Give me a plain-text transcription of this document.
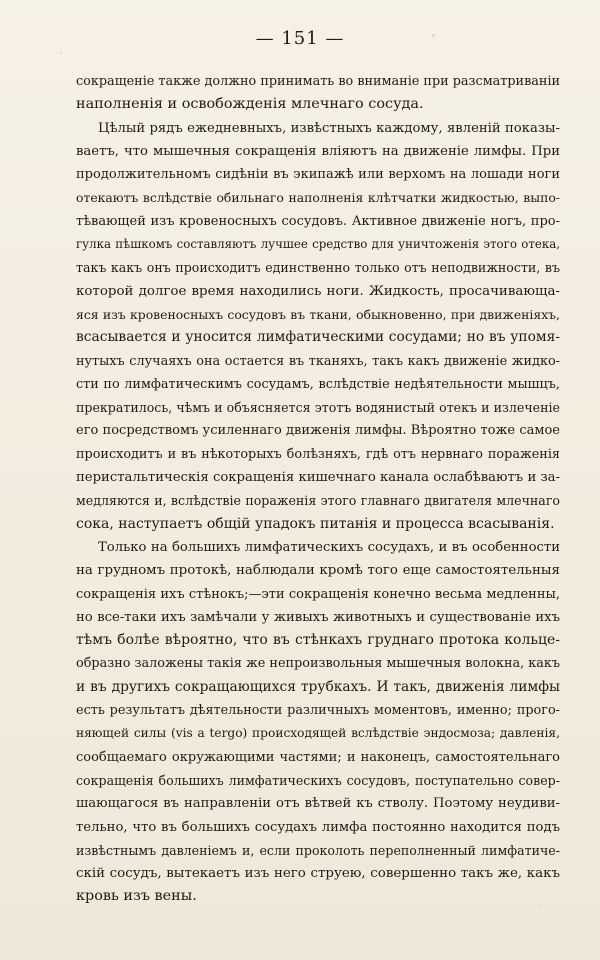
— 151 —
сокращеніе также должно принимать во вниманіе при разсматриваніи
наполненія и освобожденія млечнаго сосуда.
Цѣлый рядъ ежедневныхъ, извѣстныхъ каждому, явленій показы-
ваетъ, что мышечныя сокращенія вліяютъ на движеніе лимфы. При
продолжительномъ сидѣніи въ экипажѣ или верхомъ на лошади ноги
отекаютъ вслѣдствіе обильнаго наполненія клѣтчатки жидкостью, выпо-
тѣвающей изъ кровеносныхъ сосудовъ. Активное движеніе ногъ, про-
гулка пѣшкомъ составляютъ лучшее средство для уничтоженія этого отека,
такъ какъ онъ происходитъ единственно только отъ неподвижности, въ
которой долгое время находились ноги. Жидкость, просачивающа-
яся изъ кровеносныхъ сосудовъ въ ткани, обыкновенно, при движеніяхъ,
всасывается и уносится лимфатическими сосудами; но въ упомя-
нутыхъ случаяхъ она остается въ тканяхъ, такъ какъ движеніе жидко-
сти по лимфатическимъ сосудамъ, вслѣдствіе недѣятельности мышцъ,
прекратилось, чѣмъ и объясняется этотъ водянистый отекъ и излеченіе
его посредствомъ усиленнаго движенія лимфы. Вѣроятно тоже самое
происходитъ и въ нѣкоторыхъ болѣзняхъ, гдѣ отъ нервнаго пораженія
перистальтическія сокращенія кишечнаго канала ослабѣваютъ и за-
медляются и, вслѣдствіе пораженія этого главнаго двигателя млечнаго
сока, наступаетъ общій упадокъ питанія и процесса всасыванія.
Только на большихъ лимфатическихъ сосудахъ, и въ особенности
на грудномъ протокѣ, наблюдали кромѣ того еще самостоятельныя
сокращенія ихъ стѣнокъ;—эти сокращенія конечно весьма медленны,
но все-таки ихъ замѣчали у живыхъ животныхъ и существованіе ихъ
тѣмъ болѣе вѣроятно, что въ стѣнкахъ груднаго протока кольце-
образно заложены такія же непроизвольныя мышечныя волокна, какъ
и въ другихъ сокращающихся трубкахъ. И такъ, движенія лимфы
есть результатъ дѣятельности различныхъ моментовъ, именно; прого-
няющей силы (vis a tergo) происходящей вслѣдствіе эндосмоза; давленія,
сообщаемаго окружающими частями; и наконецъ, самостоятельнаго
сокращенія большихъ лимфатическихъ сосудовъ, поступательно совер-
шающагося въ направленіи отъ вѣтвей къ стволу. Поэтому неудиви-
тельно, что въ большихъ сосудахъ лимфа постоянно находится подъ
извѣстнымъ давленіемъ и, если проколоть переполненный лимфатиче-
скій сосудъ, вытекаетъ изъ него струею, совершенно такъ же, какъ
кровь изъ вены.
